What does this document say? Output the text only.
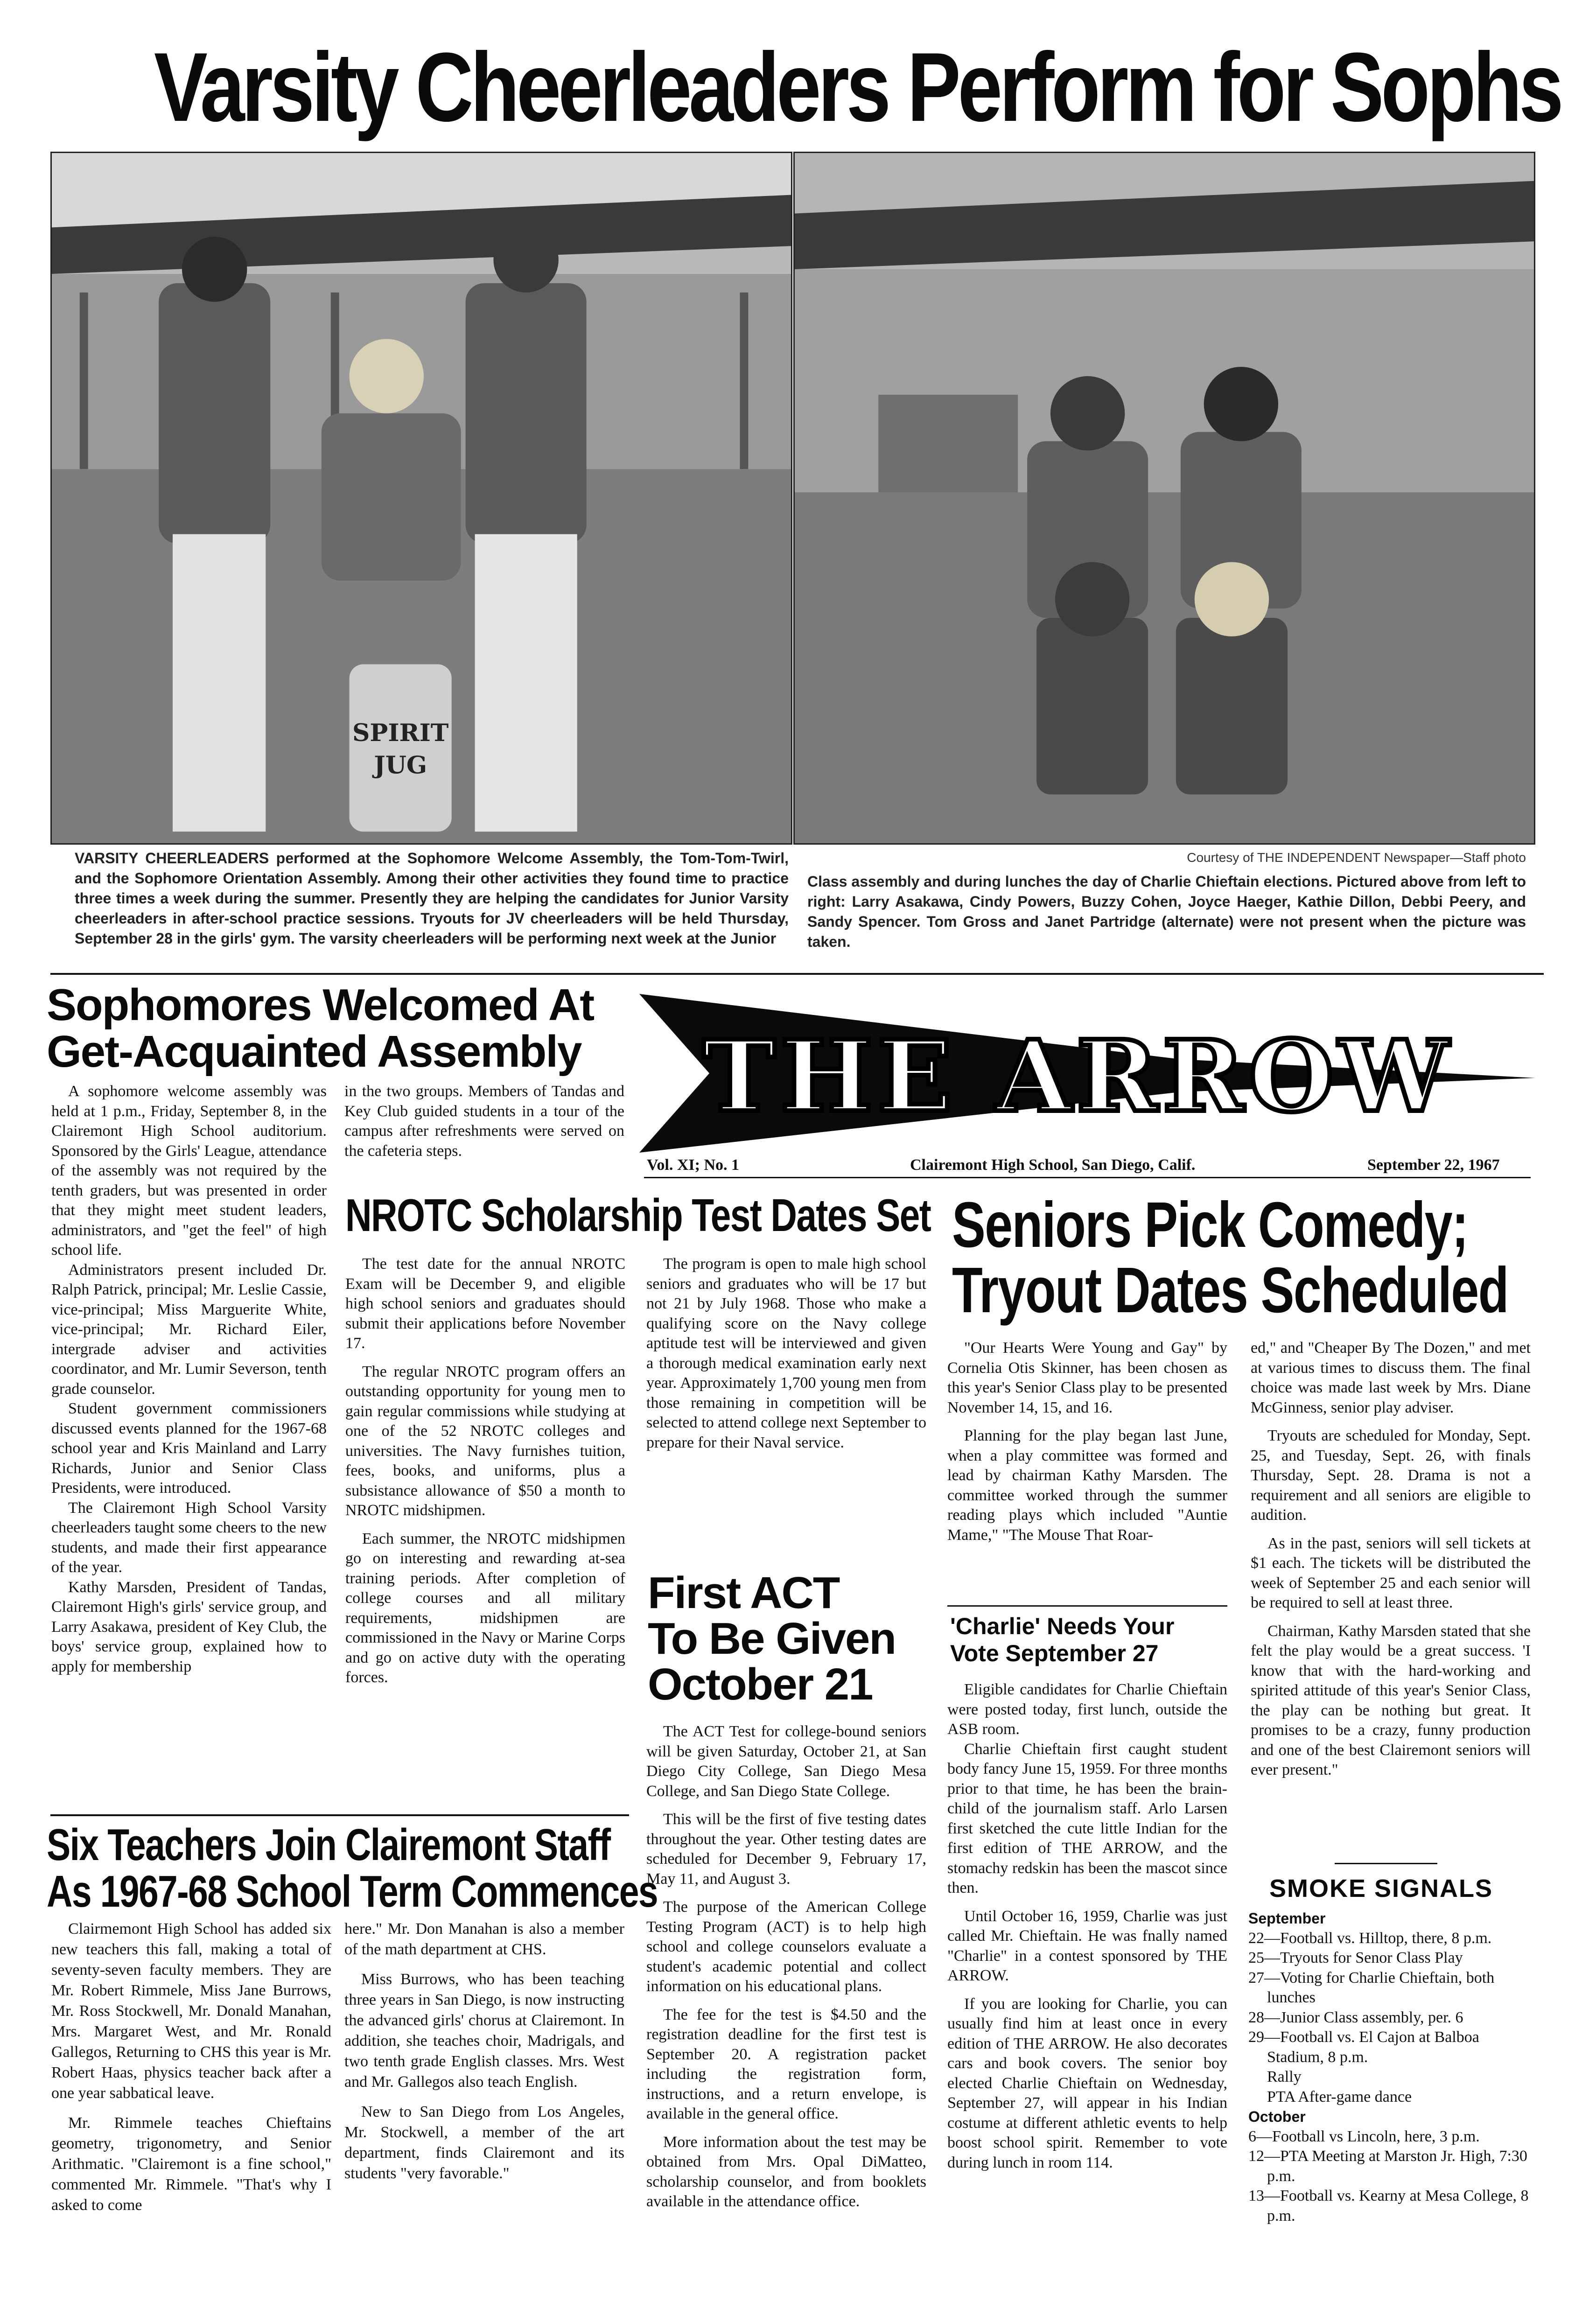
Varsity Cheerleaders Perform for Sophs
SPIRIT
JUG
Courtesy of THE INDEPENDENT Newspaper—Staff photo
VARSITY CHEERLEADERS performed at the Sophomore Welcome Assembly, the Tom-Tom-Twirl, and the Sophomore Orientation Assembly. Among their other activities they found time to practice three times a week during the summer. Presently they are helping the candidates for Junior Varsity cheerleaders in after-school practice sessions. Tryouts for JV cheerleaders will be held Thursday, September 28 in the girls' gym. The varsity cheerleaders will be performing next week at the Junior
Class assembly and during lunches the day of Charlie Chieftain elections. Pictured above from left to right: Larry Asakawa, Cindy Powers, Buzzy Cohen, Joyce Haeger, Kathie Dillon, Debbi Peery, and Sandy Spencer. Tom Gross and Janet Partridge (alternate) were not present when the picture was taken.
Sophomores Welcomed At
Get-Acquainted Assembly

A sophomore welcome assembly was held at 1 p.m., Friday, September 8, in the Clairemont High School auditorium. Sponsored by the Girls' League, attendance of the assembly was not required by the tenth graders, but was presented in order that they might meet student leaders, administrators, and "get the feel" of high school life.

Administrators present included Dr. Ralph Patrick, principal; Mr. Leslie Cassie, vice-principal; Miss Marguerite White, vice-principal; Mr. Richard Eiler, intergrade adviser and activities coordinator, and Mr. Lumir Severson, tenth grade counselor.

Student government commissioners discussed events planned for the 1967-68 school year and Kris Mainland and Larry Richards, Junior and Senior Class Presidents, were introduced.

The Clairemont High School Varsity cheerleaders taught some cheers to the new students, and made their first appearance of the year.

Kathy Marsden, President of Tandas, Clairemont High's girls' service group, and Larry Asakawa, president of Key Club, the boys' service group, explained how to apply for membership

in the two groups. Members of Tandas and Key Club guided students in a tour of the campus after refreshments were served on the cafeteria steps.

THE ARROW
Vol. XI; No. 1	Clairemont High School, San Diego, Calif.	September 22, 1967
NROTC Scholarship Test Dates Set

The test date for the annual NROTC Exam will be December 9, and eligible high school seniors and graduates should submit their applications before November 17.

The regular NROTC program offers an outstanding opportunity for young men to gain regular commissions while studying at one of the 52 NROTC colleges and universities. The Navy furnishes tuition, fees, books, and uniforms, plus a subsistance allowance of $50 a month to NROTC midshipmen.

Each summer, the NROTC midshipmen go on interesting and rewarding at-sea training periods. After completion of college courses and all military requirements, midshipmen are commissioned in the Navy or Marine Corps and go on active duty with the operating forces.

The program is open to male high school seniors and graduates who will be 17 but not 21 by July 1968. Those who make a qualifying score on the Navy college aptitude test will be interviewed and given a thorough medical examination early next year. Approximately 1,700 young men from those remaining in competition will be selected to attend college next September to prepare for their Naval service.

First ACT
To Be Given
October 21

The ACT Test for college-bound seniors will be given Saturday, October 21, at San Diego City College, San Diego Mesa College, and San Diego State College.

This will be the first of five testing dates throughout the year. Other testing dates are scheduled for December 9, February 17, May 11, and August 3.

The purpose of the American College Testing Program (ACT) is to help high school and college counselors evaluate a student's academic potential and collect information on his educational plans.

The fee for the test is $4.50 and the registration deadline for the first test is September 20. A registration packet including the registration form, instructions, and a return envelope, is available in the general office.

More information about the test may be obtained from Mrs. Opal DiMatteo, scholarship counselor, and from booklets available in the attendance office.

Six Teachers Join Clairemont Staff
As 1967-68 School Term Commences

Clairmemont High School has added six new teachers this fall, making a total of seventy-seven faculty members. They are Mr. Robert Rimmele, Miss Jane Burrows, Mr. Ross Stockwell, Mr. Donald Manahan, Mrs. Margaret West, and Mr. Ronald Gallegos, Returning to CHS this year is Mr. Robert Haas, physics teacher back after a one year sabbatical leave.

Mr. Rimmele teaches Chieftains geometry, trigonometry, and Senior Arithmatic. "Clairemont is a fine school," commented Mr. Rimmele. "That's why I asked to come

here." Mr. Don Manahan is also a member of the math department at CHS.

Miss Burrows, who has been teaching three years in San Diego, is now instructing the advanced girls' chorus at Clairemont. In addition, she teaches choir, Madrigals, and two tenth grade English classes. Mrs. West and Mr. Gallegos also teach English.

New to San Diego from Los Angeles, Mr. Stockwell, a member of the art department, finds Clairemont and its students "very favorable."

Seniors Pick Comedy;
Tryout Dates Scheduled

"Our Hearts Were Young and Gay" by Cornelia Otis Skinner, has been chosen as this year's Senior Class play to be presented November 14, 15, and 16.

Planning for the play began last June, when a play committee was formed and lead by chairman Kathy Marsden. The committee worked through the summer reading plays which included "Auntie Mame," "The Mouse That Roar-

ed," and "Cheaper By The Dozen," and met at various times to discuss them. The final choice was made last week by Mrs. Diane McGinness, senior play adviser.

Tryouts are scheduled for Monday, Sept. 25, and Tuesday, Sept. 26, with finals Thursday, Sept. 28. Drama is not a requirement and all seniors are eligible to audition.

As in the past, seniors will sell tickets at $1 each. The tickets will be distributed the week of September 25 and each senior will be required to sell at least three.

Chairman, Kathy Marsden stated that she felt the play would be a great success. 'I know that with the hard-working and spirited attitude of this year's Senior Class, the play can be nothing but great. It promises to be a crazy, funny production and one of the best Clairemont seniors will ever present."

'Charlie' Needs Your
Vote September 27

Eligible candidates for Charlie Chieftain were posted today, first lunch, outside the ASB room.

Charlie Chieftain first caught student body fancy June 15, 1959. For three months prior to that time, he has been the brain-child of the journalism staff. Arlo Larsen first sketched the cute little Indian for the first edition of THE ARROW, and the stomachy redskin has been the mascot since then.

Until October 16, 1959, Charlie was just called Mr. Chieftain. He was fnally named "Charlie" in a contest sponsored by THE ARROW.

If you are looking for Charlie, you can usually find him at least once in every edition of THE ARROW. He also decorates cars and book covers. The senior boy elected Charlie Chieftain on Wednesday, September 27, will appear in his Indian costume at different athletic events to help boost school spirit. Remember to vote during lunch in room 114.

SMOKE SIGNALS
September
22—Football vs. Hilltop, there, 8 p.m.
25—Tryouts for Senor Class Play
27—Voting for Charlie Chieftain, both lunches
28—Junior Class assembly, per. 6
29—Football vs. El Cajon at Balboa Stadium, 8 p.m.
Rally
PTA After-game dance
October
6—Football vs Lincoln, here, 3 p.m.
12—PTA Meeting at Marston Jr. High, 7:30 p.m.
13—Football vs. Kearny at Mesa College, 8 p.m.
